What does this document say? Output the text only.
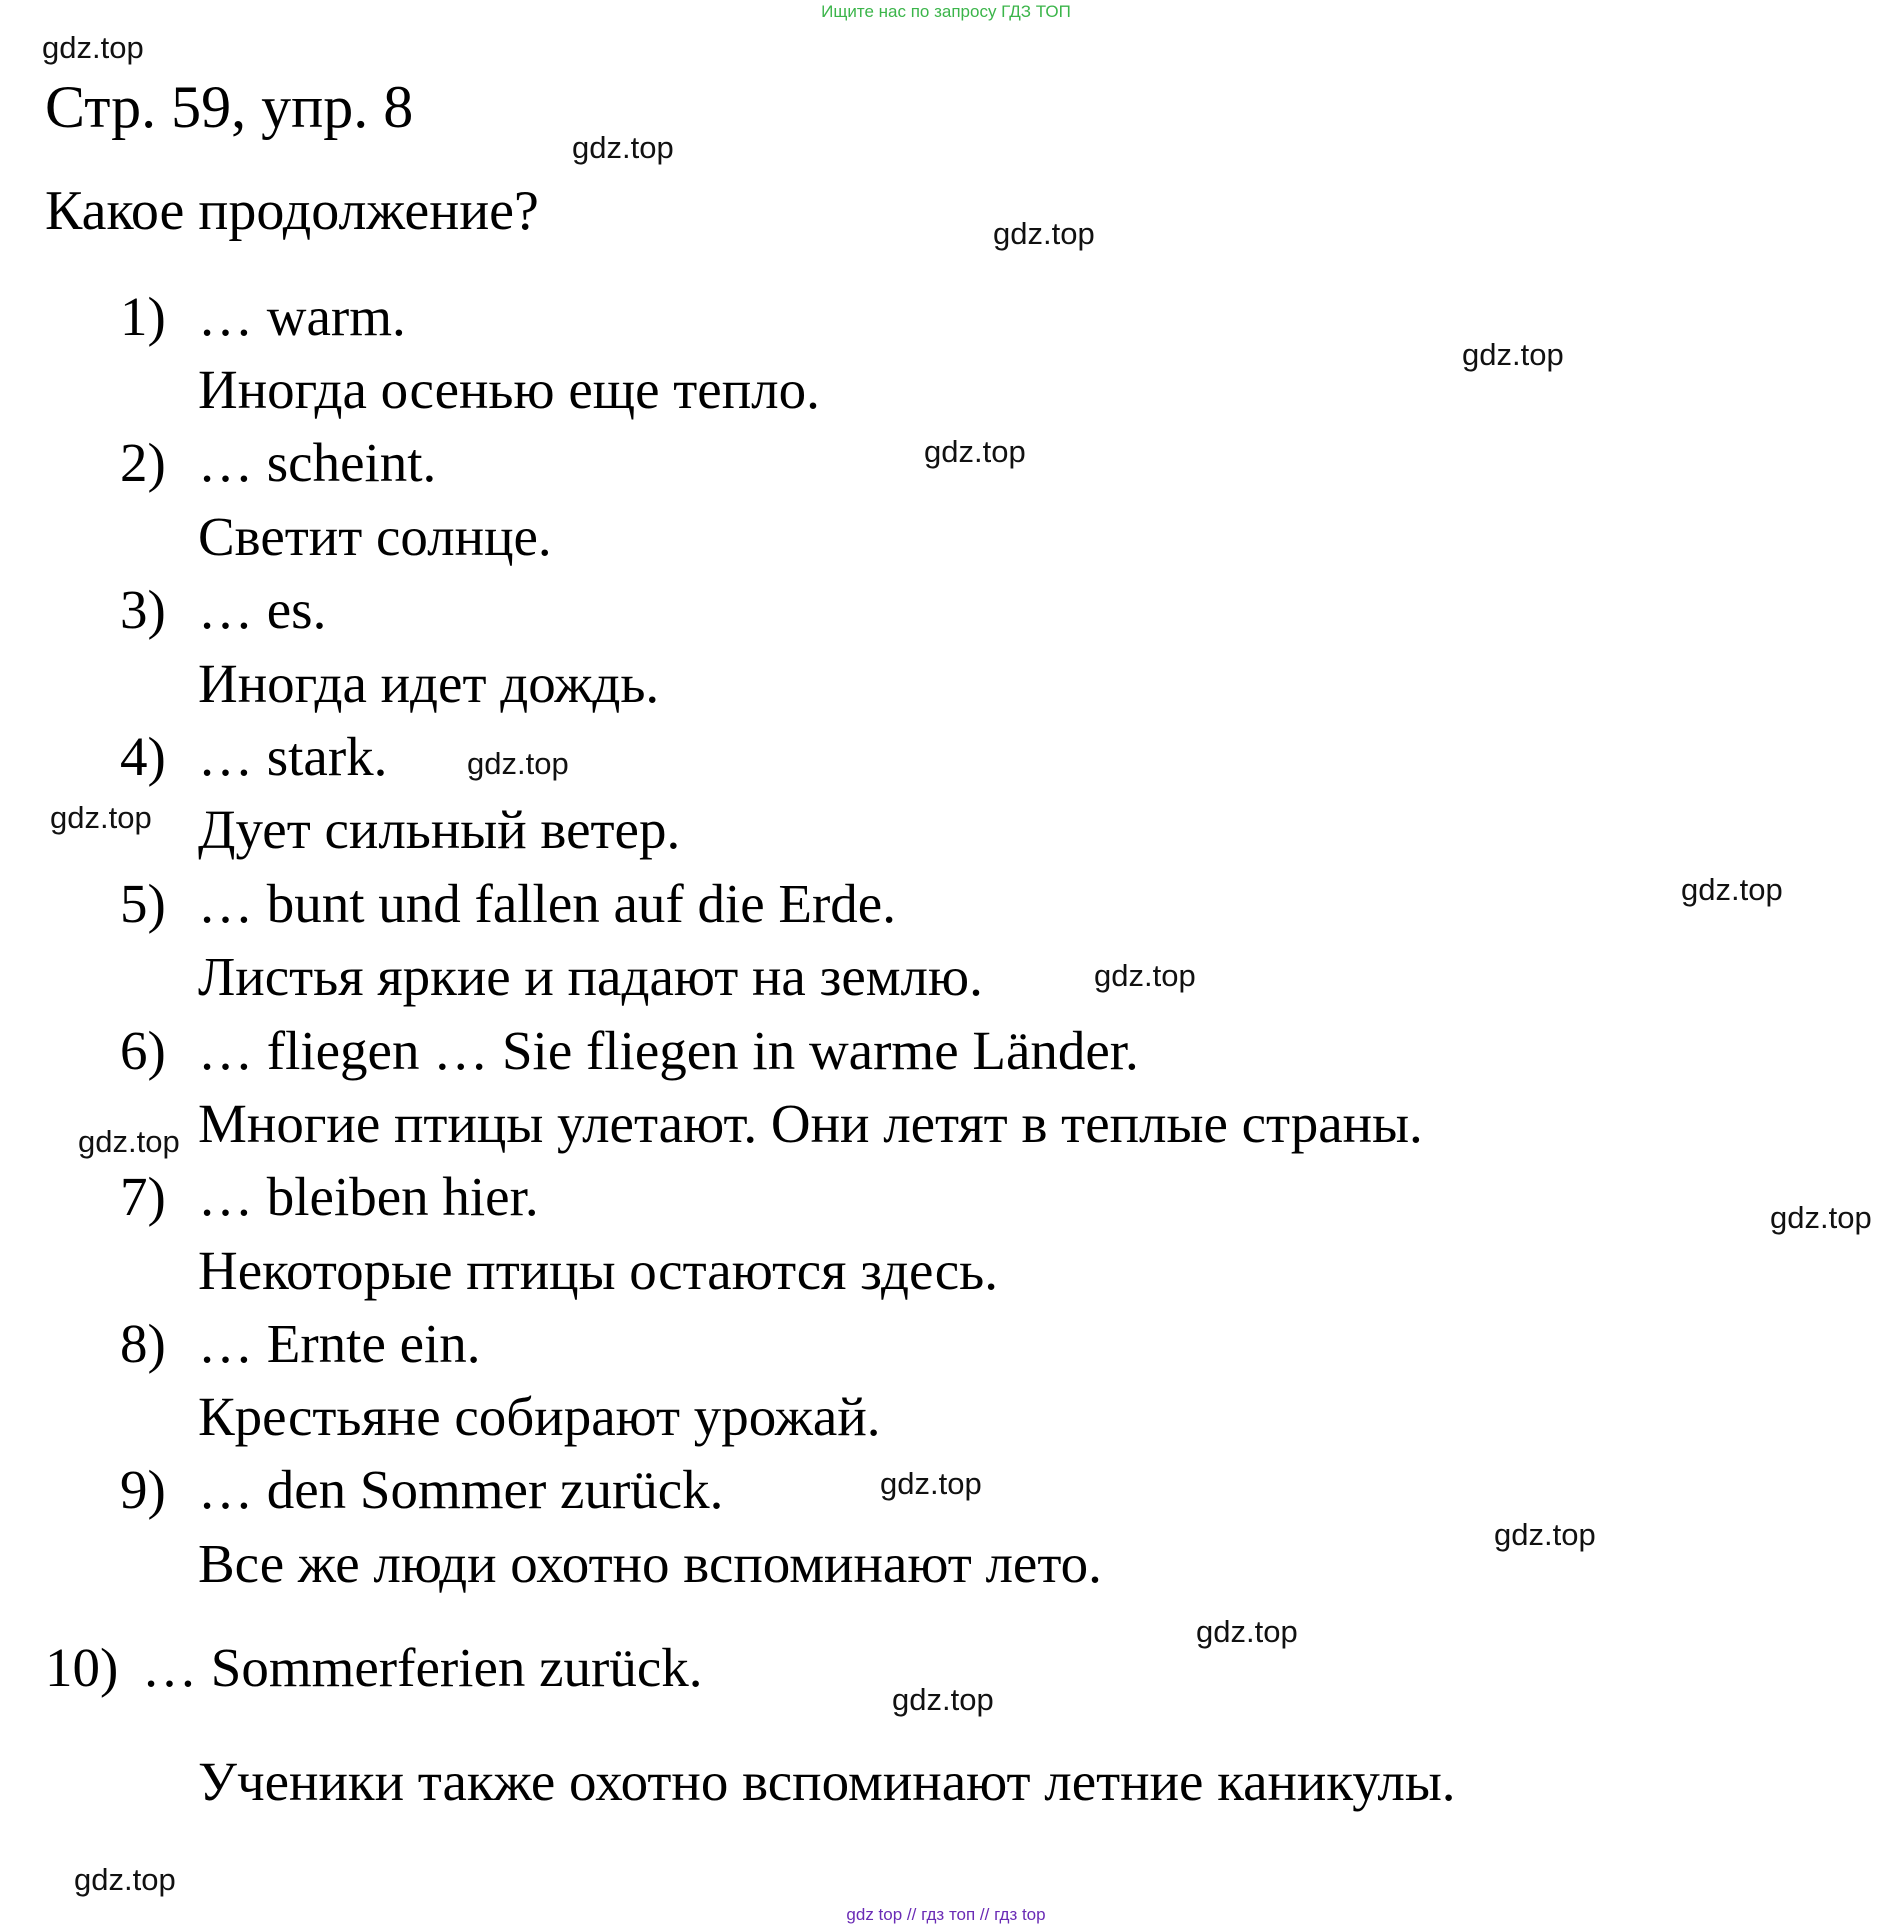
Ищите нас по запросу ГДЗ ТОП
Стр. 59, упр. 8
Какое продолжение?
1) … warm.
Иногда осенью еще тепло.
2) … scheint.
Светит солнце.
3) … es.
Иногда идет дождь.
4) … stark.
Дует сильный ветер.
5) … bunt und fallen auf die Erde.
Листья яркие и падают на землю.
6) … fliegen … Sie fliegen in warme Länder.
Многие птицы улетают. Они летят в теплые страны.
7) … bleiben hier.
Некоторые птицы остаются здесь.
8) … Ernte ein.
Крестьяне собирают урожай.
9) … den Sommer zurück.
Все же люди охотно вспоминают лето.
10) … Sommerferien zurück.
Ученики также охотно вспоминают летние каникулы.
gdz.top
gdz.top
gdz.top
gdz.top
gdz.top
gdz.top
gdz.top
gdz.top
gdz.top
gdz.top
gdz.top
gdz.top
gdz.top
gdz.top
gdz.top
gdz.top
gdz top // гдз топ // гдз top
